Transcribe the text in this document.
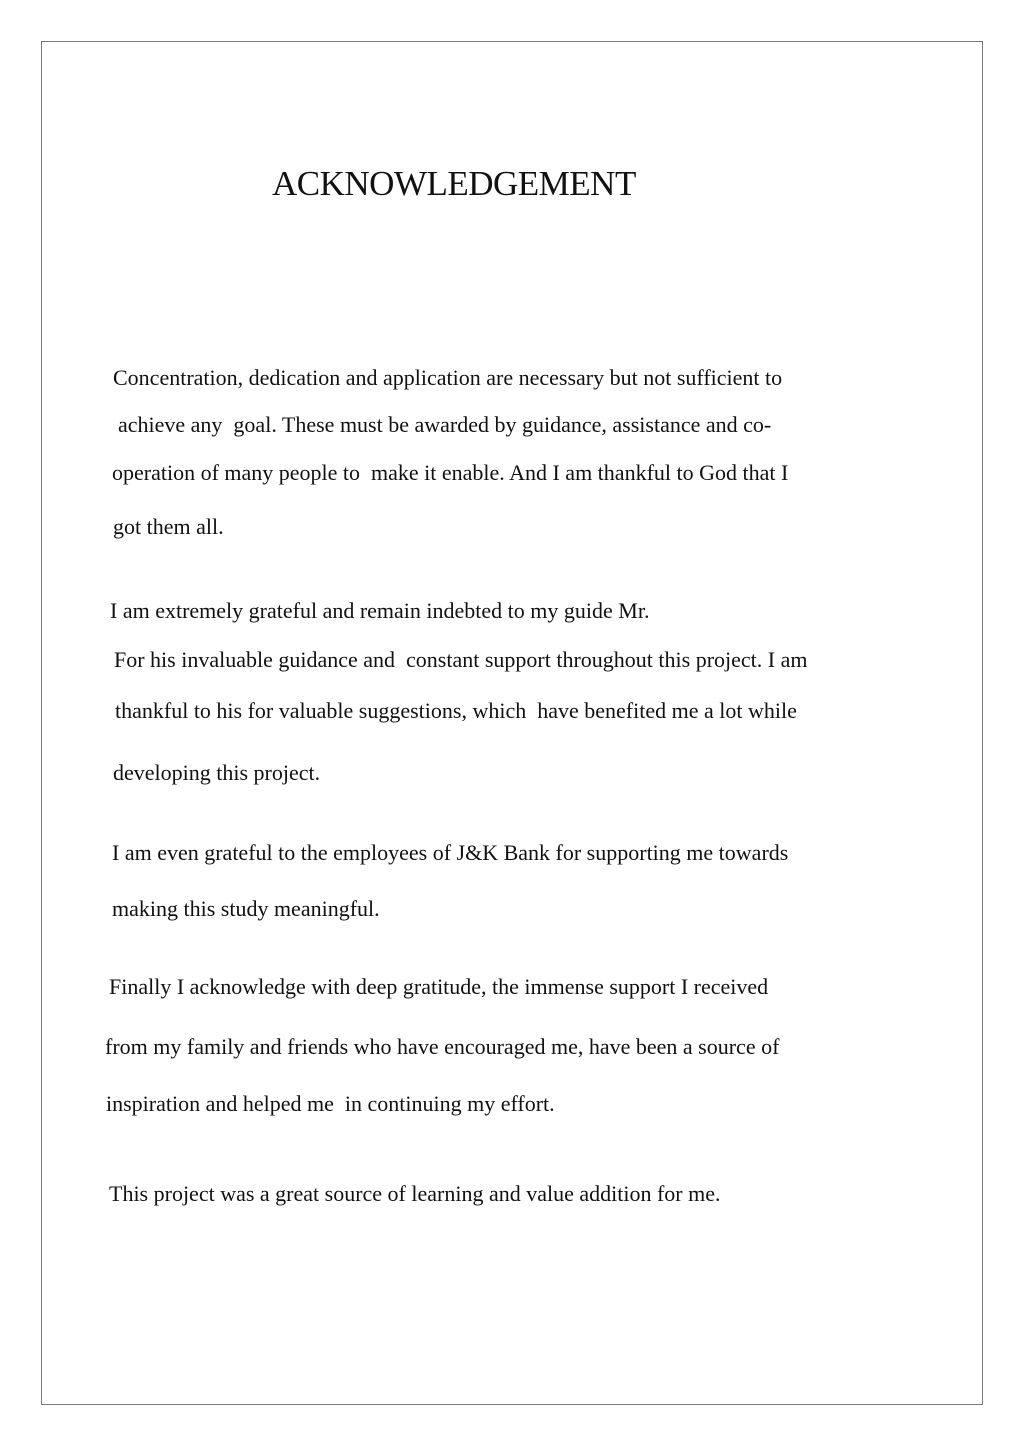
ACKNOWLEDGEMENT
Concentration, dedication and application are necessary but not sufficient to
achieve any  goal. These must be awarded by guidance, assistance and co-
operation of many people to  make it enable. And I am thankful to God that I
got them all.
I am extremely grateful and remain indebted to my guide Mr.
For his invaluable guidance and  constant support throughout this project. I am
thankful to his for valuable suggestions, which  have benefited me a lot while
developing this project.
I am even grateful to the employees of J&K Bank for supporting me towards
making this study meaningful.
Finally I acknowledge with deep gratitude, the immense support I received
from my family and friends who have encouraged me, have been a source of
inspiration and helped me  in continuing my effort.
This project was a great source of learning and value addition for me.
